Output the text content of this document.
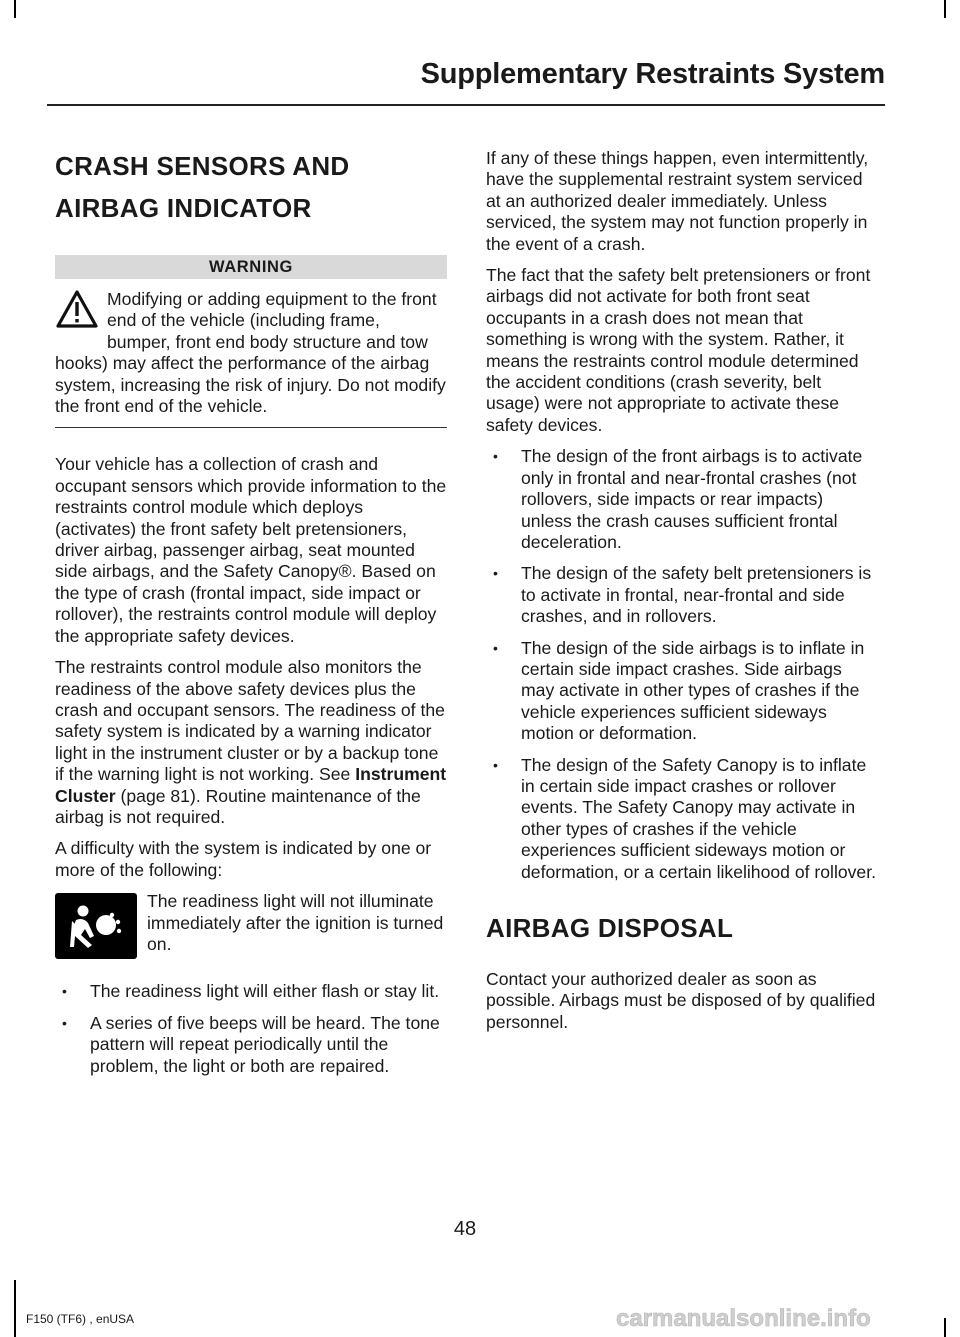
Supplementary Restraints System
CRASH SENSORS AND
AIRBAG INDICATOR
WARNING

Modifying or adding equipment to the front end of the vehicle (including frame, bumper, front end body structure and tow hooks) may affect the performance of the airbag system, increasing the risk of injury. Do not modify the front end of the vehicle.

Your vehicle has a collection of crash and occupant sensors which provide information to the restraints control module which deploys (activates) the front safety belt pretensioners, driver airbag, passenger airbag, seat mounted side airbags, and the Safety Canopy®. Based on the type of crash (frontal impact, side impact or rollover), the restraints control module will deploy the appropriate safety devices.

The restraints control module also monitors the readiness of the above safety devices plus the crash and occupant sensors. The readiness of the safety system is indicated by a warning indicator light in the instrument cluster or by a backup tone if the warning light is not working. See Instrument Cluster (page 81). Routine maintenance of the airbag is not required.

A difficulty with the system is indicated by one or more of the following:

The readiness light will not illuminate immediately after the ignition is turned on.

• The readiness light will either flash or stay lit.
• A series of five beeps will be heard. The tone pattern will repeat periodically until the problem, the light or both are repaired.

If any of these things happen, even intermittently, have the supplemental restraint system serviced at an authorized dealer immediately. Unless serviced, the system may not function properly in the event of a crash.

The fact that the safety belt pretensioners or front airbags did not activate for both front seat occupants in a crash does not mean that something is wrong with the system. Rather, it means the restraints control module determined the accident conditions (crash severity, belt usage) were not appropriate to activate these safety devices.

• The design of the front airbags is to activate only in frontal and near-frontal crashes (not rollovers, side impacts or rear impacts) unless the crash causes sufficient frontal deceleration.
• The design of the safety belt pretensioners is to activate in frontal, near-frontal and side crashes, and in rollovers.
• The design of the side airbags is to inflate in certain side impact crashes. Side airbags may activate in other types of crashes if the vehicle experiences sufficient sideways motion or deformation.
• The design of the Safety Canopy is to inflate in certain side impact crashes or rollover events. The Safety Canopy may activate in other types of crashes if the vehicle experiences sufficient sideways motion or deformation, or a certain likelihood of rollover.
AIRBAG DISPOSAL

Contact your authorized dealer as soon as possible. Airbags must be disposed of by qualified personnel.

48
F150 (TF6) , enUSA	carmanualsonline.info
